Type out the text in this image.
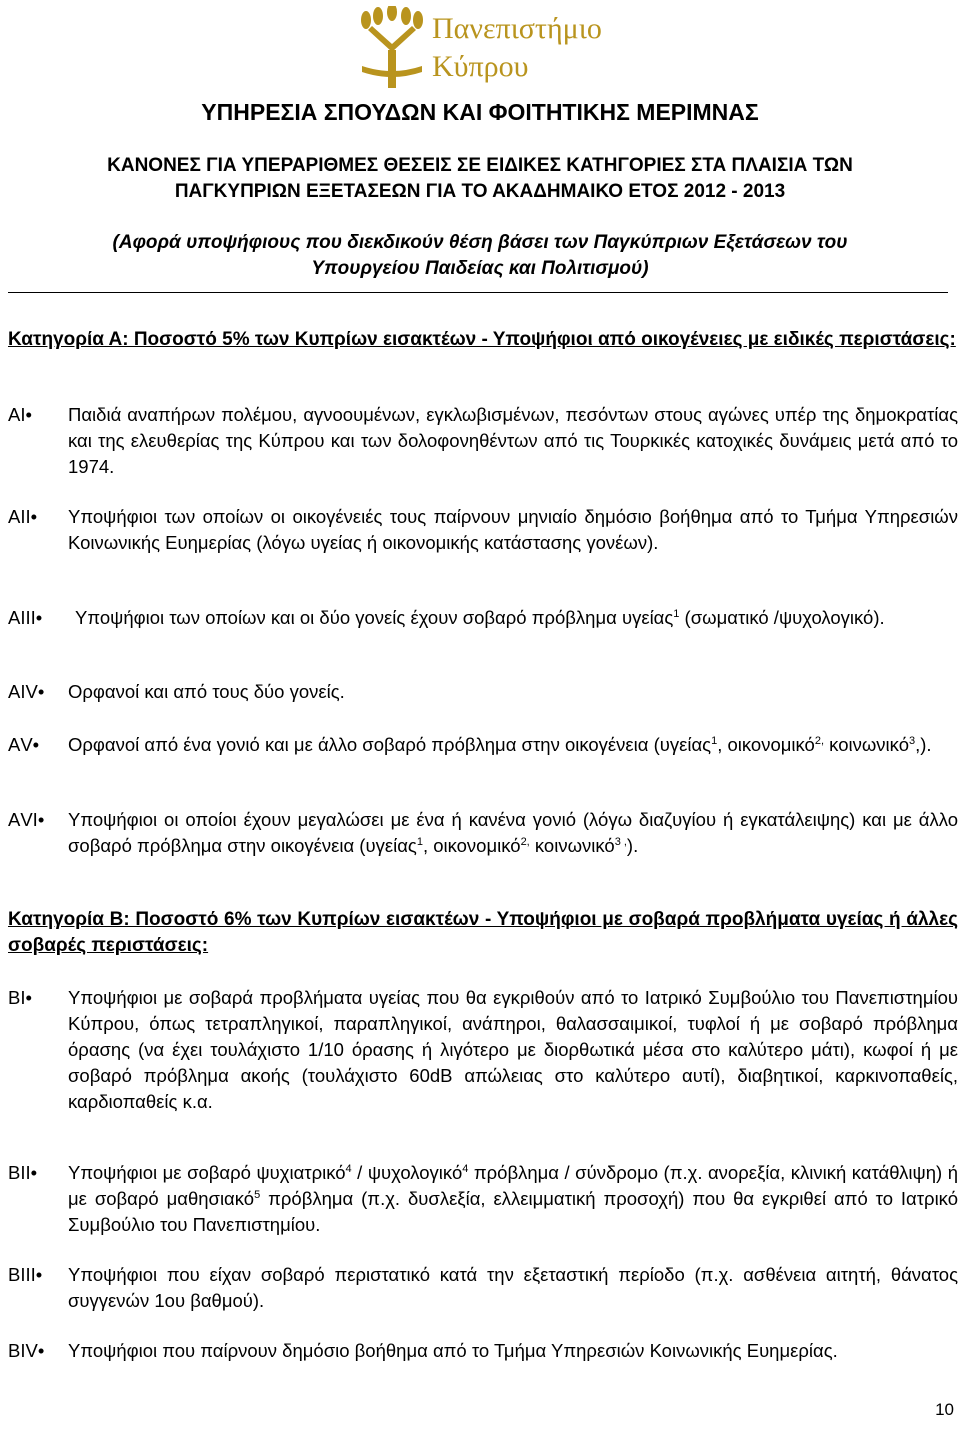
Πανεπιστήμιο
Κύπρου
ΥΠΗΡΕΣΙΑ ΣΠΟΥΔΩΝ ΚΑΙ ΦΟΙΤΗΤΙΚΗΣ ΜΕΡΙΜΝΑΣ
ΚΑΝΟΝΕΣ ΓΙΑ ΥΠΕΡΑΡΙΘΜΕΣ ΘΕΣΕΙΣ ΣΕ ΕΙΔΙΚΕΣ ΚΑΤΗΓΟΡΙΕΣ ΣΤΑ ΠΛΑΙΣΙΑ ΤΩΝ
ΠΑΓΚΥΠΡΙΩΝ ΕΞΕΤΑΣΕΩΝ ΓΙΑ ΤΟ ΑΚΑΔΗΜΑΙΚΟ ΕΤΟΣ 2012 - 2013
(Αφορά υποψήφιους που διεκδικούν θέση βάσει των Παγκύπριων Εξετάσεων του
Υπουργείου Παιδείας και Πολιτισμού)
Κατηγορία Α: Ποσοστό 5% των Κυπρίων εισακτέων - Υποψήφιοι από οικογένειες με ειδικές περιστάσεις:
ΑΙ• Παιδιά αναπήρων πολέμου, αγνοουμένων, εγκλωβισμένων, πεσόντων στους αγώνες υπέρ της δημοκρατίας και της ελευθερίας της Κύπρου και των δολοφονηθέντων από τις Τουρκικές κατοχικές δυνάμεις μετά από το 1974.
ΑΙΙ• Υποψήφιοι των οποίων οι οικογένειές τους παίρνουν μηνιαίο δημόσιο βοήθημα από το Τμήμα Υπηρεσιών Κοινωνικής Ευημερίας (λόγω υγείας ή οικονομικής κατάστασης γονέων).
ΑΙΙΙ• Υποψήφιοι των οποίων και οι δύο γονείς έχουν σοβαρό πρόβλημα υγείας$^1$ (σωματικό /ψυχολογικό).
ΑΙV• Ορφανοί και από τους δύο γονείς.
ΑV• Ορφανοί από ένα γονιό και με άλλο σοβαρό πρόβλημα στην οικογένεια (υγείας$^1$, οικονομικό$^{2,}$ κοινωνικό$^3$,).
ΑVΙ• Υποψήφιοι οι οποίοι έχουν μεγαλώσει με ένα ή κανένα γονιό (λόγω διαζυγίου ή εγκατάλειψης) και με άλλο σοβαρό πρόβλημα στην οικογένεια (υγείας$^1$, οικονομικό$^{2,}$ κοινωνικό$^{3 ,}$).
Κατηγορία Β: Ποσοστό 6% των Κυπρίων εισακτέων - Υποψήφιοι με σοβαρά προβλήματα υγείας ή άλλες σοβαρές περιστάσεις:
ΒΙ• Υποψήφιοι με σοβαρά προβλήματα υγείας που θα εγκριθούν από το Ιατρικό Συμβούλιο του Πανεπιστημίου Κύπρου, όπως τετραπληγικοί, παραπληγικοί, ανάπηροι, θαλασσαιμικοί, τυφλοί ή με σοβαρό πρόβλημα όρασης (να έχει τουλάχιστο 1/10 όρασης ή λιγότερο με διορθωτικά μέσα στο καλύτερο μάτι), κωφοί ή με σοβαρό πρόβλημα ακοής (τουλάχιστο 60dB απώλειας στο καλύτερο αυτί), διαβητικοί, καρκινοπαθείς, καρδιοπαθείς κ.α.
ΒΙΙ• Υποψήφιοι με σοβαρό ψυχιατρικό$^4$ / ψυχολογικό$^4$ πρόβλημα / σύνδρομο (π.χ. ανορεξία, κλινική κατάθλιψη) ή με σοβαρό μαθησιακό$^5$ πρόβλημα (π.χ. δυσλεξία, ελλειμματική προσοχή) που θα εγκριθεί από το Ιατρικό Συμβούλιο του Πανεπιστημίου.
ΒΙΙΙ• Υποψήφιοι που είχαν σοβαρό περιστατικό κατά την εξεταστική περίοδο (π.χ. ασθένεια αιτητή, θάνατος συγγενών 1ου βαθμού).
ΒΙV• Υποψήφιοι που παίρνουν δημόσιο βοήθημα από το Τμήμα Υπηρεσιών Κοινωνικής Ευημερίας.
10
